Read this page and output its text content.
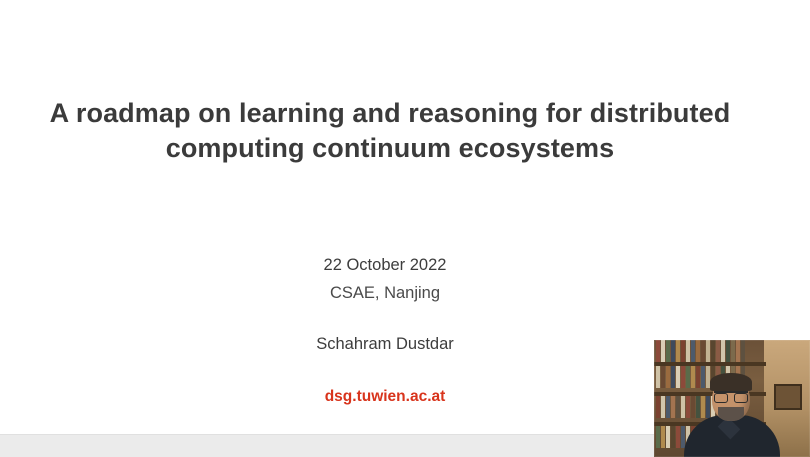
A roadmap on learning and reasoning for distributed computing continuum ecosystems
22 October 2022
CSAE, Nanjing
Schahram Dustdar
dsg.tuwien.ac.at
